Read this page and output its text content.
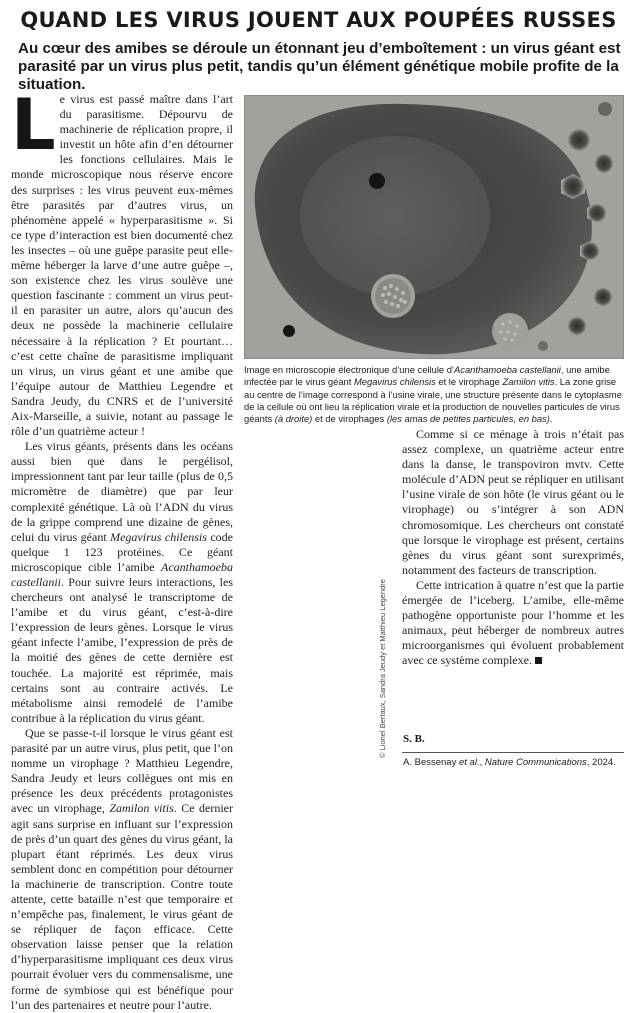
QUAND LES VIRUS JOUENT AUX POUPÉES RUSSES

Au cœur des amibes se déroule un étonnant jeu d’emboîtement : un virus géant est parasité par un virus plus petit, tandis qu’un élément génétique mobile profite de la situation.

Le virus est passé maître dans l’art du parasitisme. Dépourvu de machinerie de réplication propre, il investit un hôte afin d’en détourner les fonctions cellulaires. Mais le monde microscopique nous réserve encore des surprises : les virus peuvent eux-mêmes être parasités par d’autres virus, un phénomène appelé « hyperparasitisme ». Si ce type d’interaction est bien documenté chez les insectes – où une guêpe parasite peut elle-même héberger la larve d’une autre guêpe –, son existence chez les virus soulève une question fascinante : comment un virus peut-il en parasiter un autre, alors qu’aucun des deux ne possède la machinerie cellulaire nécessaire à la réplication ? Et pourtant… c’est cette chaîne de parasitisme impliquant un virus, un virus géant et une amibe que l’équipe autour de Matthieu Legendre et Sandra Jeudy, du CNRS et de l’université Aix-Marseille, a suivie, notant au passage le rôle d’un quatrième acteur !

Les virus géants, présents dans les océans aussi bien que dans le pergélisol, impressionnent tant par leur taille (plus de 0,5 micromètre de diamètre) que par leur complexité génétique. Là où l’ADN du virus de la grippe comprend une dizaine de gènes, celui du virus géant Megavirus chilensis code quelque 1 123 protéines. Ce géant microscopique cible l’amibe Acanthamoeba castellanii. Pour suivre leurs interactions, les chercheurs ont analysé le transcriptome de l’amibe et du virus géant, c’est-à-dire l’expression de leurs gènes. Lorsque le virus géant infecte l’amibe, l’expression de près de la moitié des gènes de cette dernière est touchée. La majorité est réprimée, mais certains sont au contraire activés. Le métabolisme ainsi remodelé de l’amibe contribue à la réplication du virus géant.

Que se passe-t-il lorsque le virus géant est parasité par un autre virus, plus petit, que l’on nomme un virophage ? Matthieu Legendre, Sandra Jeudy et leurs collègues ont mis en présence les deux précédents protagonistes avec un virophage, Zamilon vitis. Ce dernier agit sans surprise en influant sur l’expression de près d’un quart des gènes du virus géant, la plupart étant réprimés. Les deux virus semblent donc en compétition pour détourner la machinerie de transcription. Contre toute attente, cette bataille n’est que temporaire et n’empêche pas, finalement, le virus géant de se répliquer de façon efficace. Cette observation laisse penser que la relation d’hyperparasitisme impliquant ces deux virus pourrait évoluer vers du commensalisme, une forme de symbiose qui est bénéfique pour l’un des partenaires et neutre pour l’autre.

Image en microscopie électronique d’une cellule d’Acanthamoeba castellanii, une amibe infectée par le virus géant Megavirus chilensis et le virophage Zamilon vitis. La zone grise au centre de l’image correspond à l’usine virale, une structure présente dans le cytoplasme de la cellule où ont lieu la réplication virale et la production de nouvelles particules de virus géants (à droite) et de virophages (les amas de petites particules, en bas).
© Lionel Bertaux, Sandra Jeudy et Matthieu Legendre

Comme si ce ménage à trois n’était pas assez complexe, un quatrième acteur entre dans la danse, le transpoviron mvtv. Cette molécule d’ADN peut se répliquer en utilisant l’usine virale de son hôte (le virus géant ou le virophage) ou s’intégrer à son ADN chromosomique. Les chercheurs ont constaté que lorsque le virophage est présent, certains gènes du virus géant sont surexprimés, notamment des facteurs de transcription.

Cette intrication à quatre n’est que la partie émergée de l’iceberg. L’amibe, elle-même pathogène opportuniste pour l’homme et les animaux, peut héberger de nombreux autres microorganismes qui évoluent probablement avec ce système complexe.

S. B.
A. Bessenay et al., Nature Communications, 2024.
